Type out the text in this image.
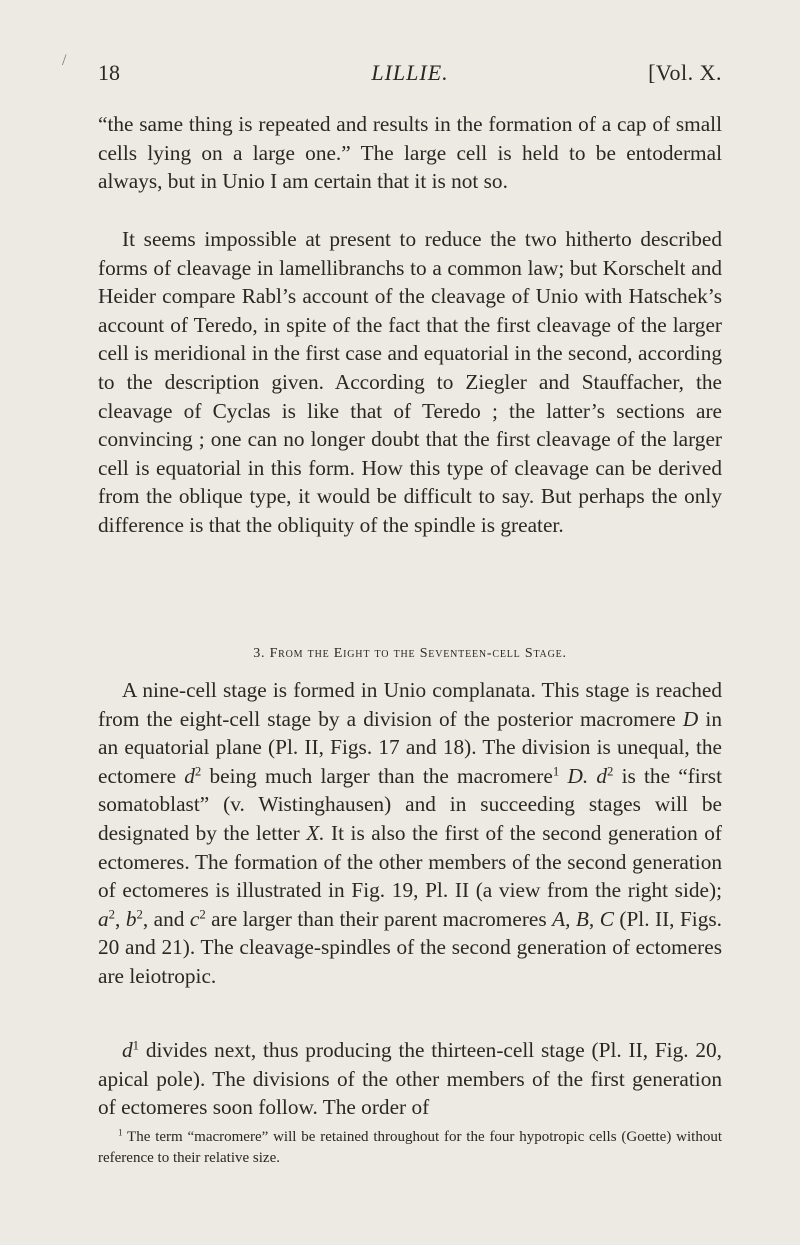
/ 18	LILLIE.	[Vol. X.

“the same thing is repeated and results in the formation of a cap of small cells lying on a large one.” The large cell is held to be entodermal always, but in Unio I am certain that it is not so.

It seems impossible at present to reduce the two hitherto described forms of cleavage in lamellibranchs to a common law; but Korschelt and Heider compare Rabl’s account of the cleavage of Unio with Hatschek’s account of Teredo, in spite of the fact that the first cleavage of the larger cell is meridional in the first case and equatorial in the second, according to the description given. According to Ziegler and Stauffacher, the cleavage of Cyclas is like that of Teredo ; the latter’s sections are convincing ; one can no longer doubt that the first cleavage of the larger cell is equatorial in this form. How this type of cleavage can be derived from the oblique type, it would be difficult to say. But perhaps the only difference is that the obliquity of the spindle is greater.

3. From the Eight to the Seventeen-cell Stage.

A nine-cell stage is formed in Unio complanata. This stage is reached from the eight-cell stage by a division of the posterior macromere D in an equatorial plane (Pl. II, Figs. 17 and 18). The division is unequal, the ectomere $d^2$ being much larger than the macromere$^1$ D. $d^2$ is the “first somatoblast” (v. Wistinghausen) and in succeeding stages will be designated by the letter X. It is also the first of the second generation of ectomeres. The formation of the other members of the second generation of ectomeres is illustrated in Fig. 19, Pl. II (a view from the right side); $a^2$, $b^2$, and $c^2$ are larger than their parent macromeres A, B, C (Pl. II, Figs. 20 and 21). The cleavage-spindles of the second generation of ectomeres are leiotropic.

$d^1$ divides next, thus producing the thirteen-cell stage (Pl. II, Fig. 20, apical pole). The divisions of the other members of the first generation of ectomeres soon follow. The order of

$^1$ The term “macromere” will be retained throughout for the four hypotropic cells (Goette) without reference to their relative size.
